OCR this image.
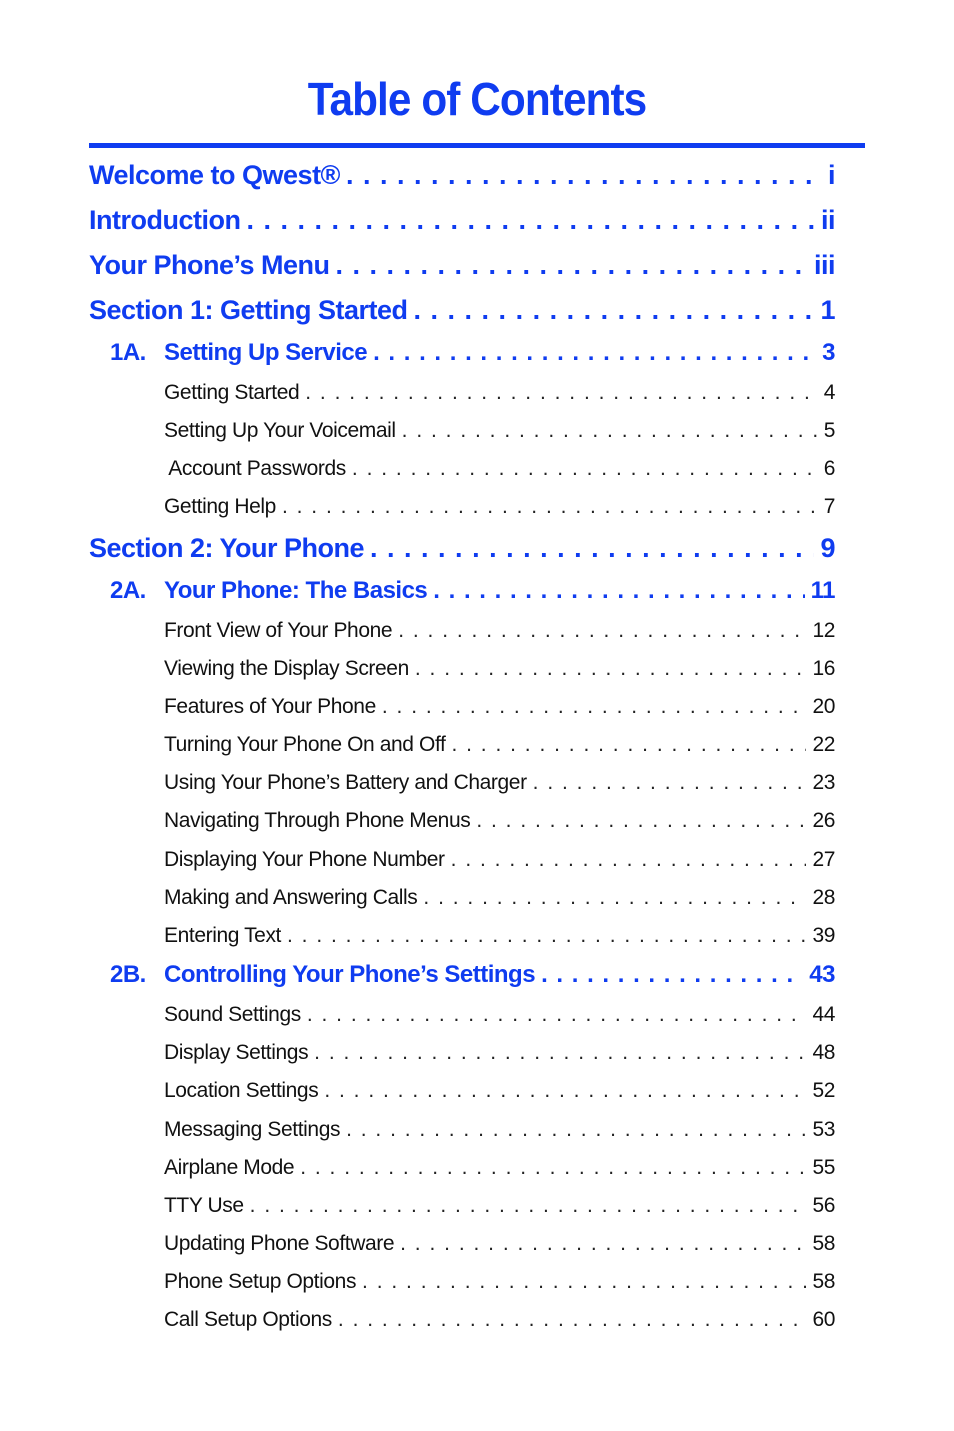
Table of Contents
Welcome to Qwest® . . .	i
Introduction . . .	ii
Your Phone’s Menu . . .	iii
Section 1: Getting Started . . .	1
1A. Setting Up Service . . .	3
Getting Started . . .	4
Setting Up Your Voicemail . . .	5
Account Passwords . . .	6
Getting Help . . .	7
Section 2: Your Phone . . .	9
2A. Your Phone: The Basics . . .	11
Front View of Your Phone . . .	12
Viewing the Display Screen . . .	16
Features of Your Phone . . .	20
Turning Your Phone On and Off . . .	22
Using Your Phone’s Battery and Charger . . .	23
Navigating Through Phone Menus . . .	26
Displaying Your Phone Number . . .	27
Making and Answering Calls . . .	28
Entering Text . . .	39
2B. Controlling Your Phone’s Settings . . .	43
Sound Settings . . .	44
Display Settings . . .	48
Location Settings . . .	52
Messaging Settings . . .	53
Airplane Mode . . .	55
TTY Use . . .	56
Updating Phone Software . . .	58
Phone Setup Options . . .	58
Call Setup Options . . .	60
